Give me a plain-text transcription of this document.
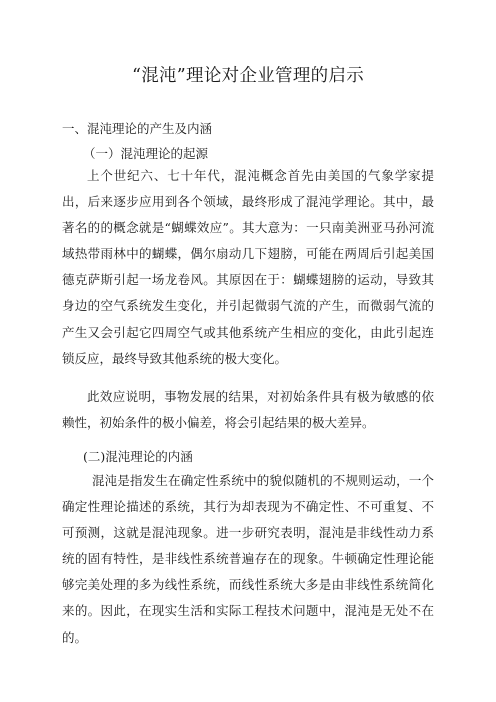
“混沌”理论对企业管理的启示
一、混沌理论的产生及内涵
（一）混沌理论的起源

上个世纪六、七十年代，混沌概念首先由美国的气象学家提出，后来逐步应用到各个领域，最终形成了混沌学理论。其中，最著名的的概念就是“蝴蝶效应”。其大意为：一只南美洲亚马孙河流域热带雨林中的蝴蝶，偶尔扇动几下翅膀，可能在两周后引起美国德克萨斯引起一场龙卷风。其原因在于：蝴蝶翅膀的运动，导致其身边的空气系统发生变化，并引起微弱气流的产生，而微弱气流的产生又会引起它四周空气或其他系统产生相应的变化，由此引起连锁反应，最终导致其他系统的极大变化。

此效应说明，事物发展的结果，对初始条件具有极为敏感的依赖性，初始条件的极小偏差，将会引起结果的极大差异。

(二)混沌理论的内涵

混沌是指发生在确定性系统中的貌似随机的不规则运动，一个确定性理论描述的系统，其行为却表现为不确定性、不可重复、不可预测，这就是混沌现象。进一步研究表明，混沌是非线性动力系统的固有特性，是非线性系统普遍存在的现象。牛顿确定性理论能够完美处理的多为线性系统，而线性系统大多是由非线性系统简化来的。因此，在现实生活和实际工程技术问题中，混沌是无处不在的。
